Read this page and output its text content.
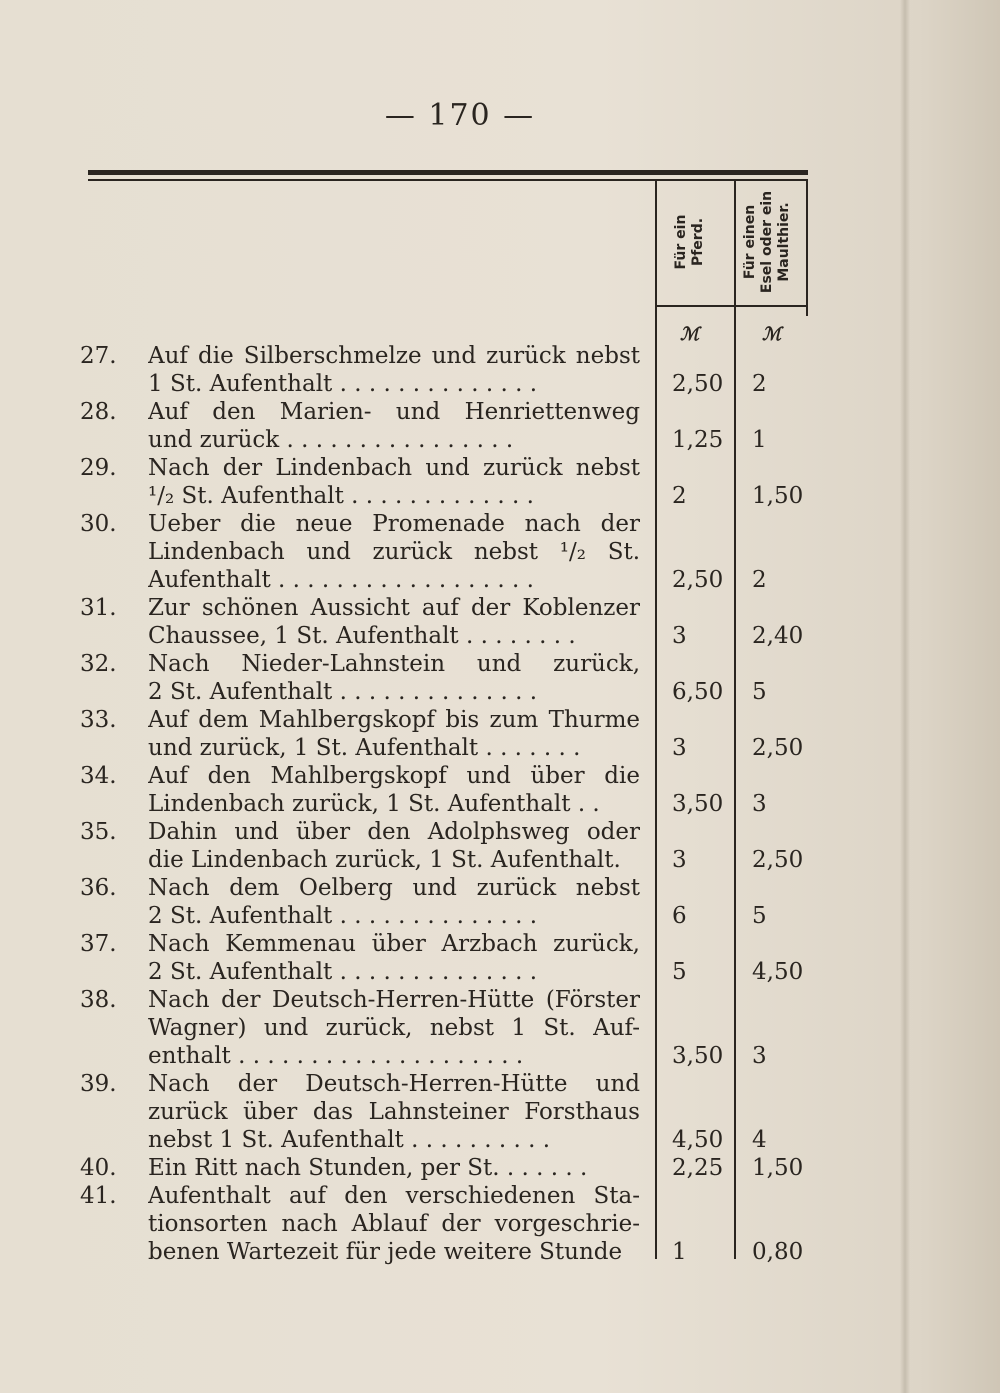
— 170 —
Für ein Pferd.	Für einen Esel oder ein Maulthier.
ℳ	ℳ
27.	Auf die Silberschmelze und zurück nebst
1 St. Aufenthalt . . . . . . . . . . . . . .	2,50	2
28.	Auf den Marien- und Henriettenweg
und zurück . . . . . . . . . . . . . . . .	1,25	1
29.	Nach der Lindenbach und zurück nebst
¹/₂ St. Aufenthalt . . . . . . . . . . . . .	2	1,50
30.	Ueber die neue Promenade nach der
Lindenbach und zurück nebst ¹/₂ St.
Aufenthalt . . . . . . . . . . . . . . . . . .	2,50	2
31.	Zur schönen Aussicht auf der Koblenzer
Chaussee, 1 St. Aufenthalt . . . . . . . .	3	2,40
32.	Nach Nieder-Lahnstein und zurück,
2 St. Aufenthalt . . . . . . . . . . . . . .	6,50	5
33.	Auf dem Mahlbergskopf bis zum Thurme
und zurück, 1 St. Aufenthalt . . . . . . .	3	2,50
34.	Auf den Mahlbergskopf und über die
Lindenbach zurück, 1 St. Aufenthalt . .	3,50	3
35.	Dahin und über den Adolphsweg oder
die Lindenbach zurück, 1 St. Aufenthalt.	3	2,50
36.	Nach dem Oelberg und zurück nebst
2 St. Aufenthalt . . . . . . . . . . . . . .	6	5
37.	Nach Kemmenau über Arzbach zurück,
2 St. Aufenthalt . . . . . . . . . . . . . .	5	4,50
38.	Nach der Deutsch-Herren-Hütte (Förster
Wagner) und zurück, nebst 1 St. Auf-
enthalt . . . . . . . . . . . . . . . . . . . .	3,50	3
39.	Nach der Deutsch-Herren-Hütte und
zurück über das Lahnsteiner Forsthaus
nebst 1 St. Aufenthalt . . . . . . . . . .	4,50	4
40.	Ein Ritt nach Stunden, per St. . . . . . .	2,25	1,50
41.	Aufenthalt auf den verschiedenen Sta-
tionsorten nach Ablauf der vorgeschrie-
benen Wartezeit für jede weitere Stunde	1	0,80
